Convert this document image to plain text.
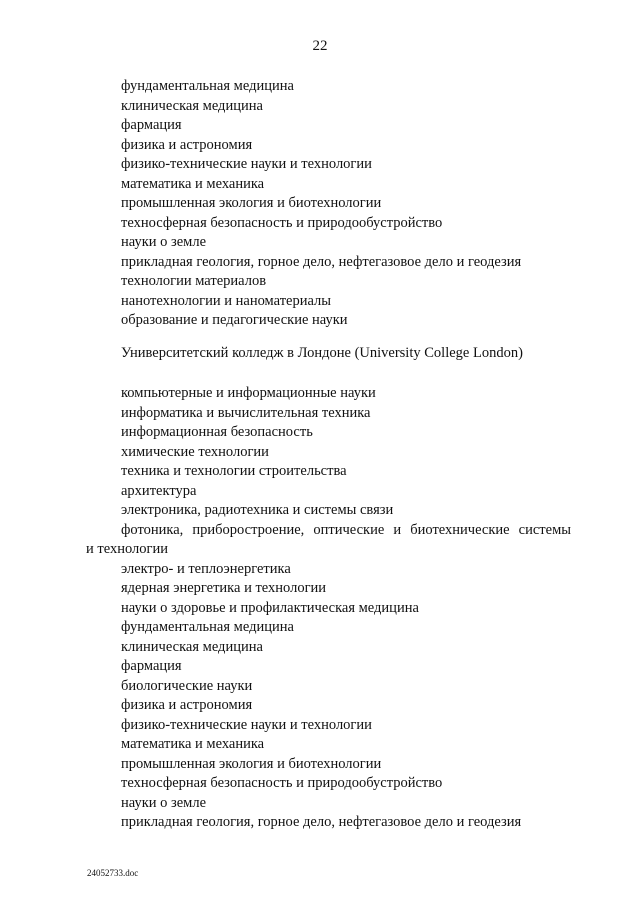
22
фундаментальная медицина
клиническая медицина
фармация
физика и астрономия
физико-технические науки и технологии
математика и механика
промышленная экология и биотехнологии
техносферная безопасность и природообустройство
науки о земле
прикладная геология, горное дело, нефтегазовое дело и геодезия
технологии материалов
нанотехнологии и наноматериалы
образование и педагогические науки
Университетский колледж в Лондоне (University College London)
компьютерные и информационные науки
информатика и вычислительная техника
информационная безопасность
химические технологии
техника и технологии строительства
архитектура
электроника, радиотехника и системы связи
фотоника, приборостроение, оптические и биотехнические системы
и технологии
электро- и теплоэнергетика
ядерная энергетика и технологии
науки о здоровье и профилактическая медицина
фундаментальная медицина
клиническая медицина
фармация
биологические науки
физика и астрономия
физико-технические науки и технологии
математика и механика
промышленная экология и биотехнологии
техносферная безопасность и природообустройство
науки о земле
прикладная геология, горное дело, нефтегазовое дело и геодезия
24052733.doc
